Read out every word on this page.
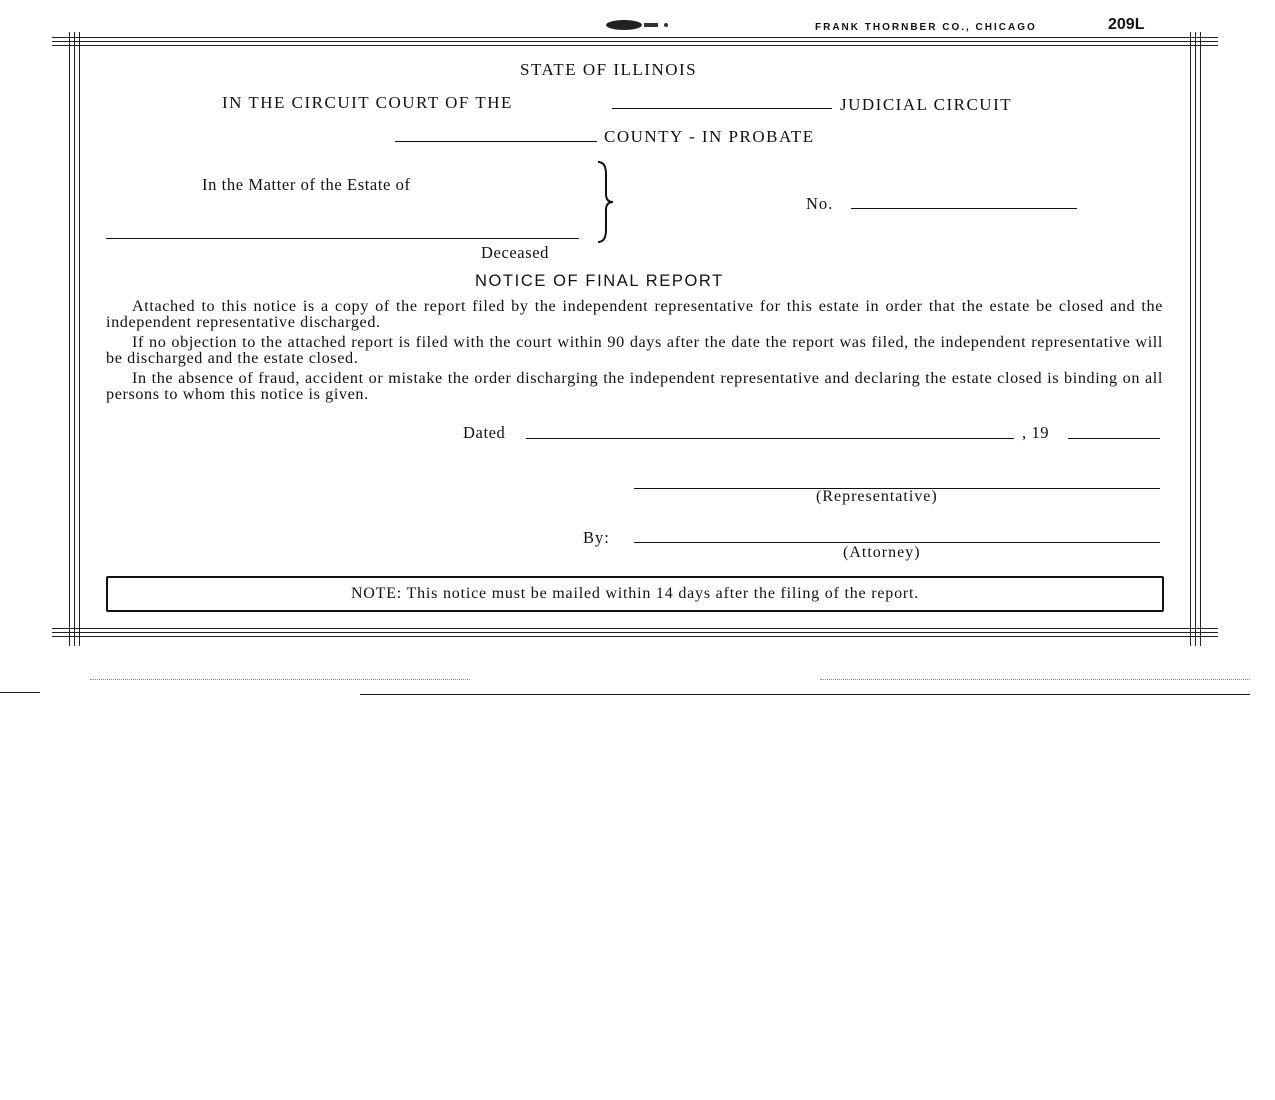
FRANK THORNBER CO., CHICAGO	209L
STATE OF ILLINOIS
IN THE CIRCUIT COURT OF THE	JUDICIAL CIRCUIT
COUNTY - IN PROBATE
In the Matter of the Estate of
Deceased
No.
NOTICE OF FINAL REPORT
Attached to this notice is a copy of the report filed by the independent representative for this estate in order that the estate be closed and the independent representative discharged.
If no objection to the attached report is filed with the court within 90 days after the date the report was filed, the independent representative will be discharged and the estate closed.
In the absence of fraud, accident or mistake the order discharging the independent representative and declaring the estate closed is binding on all persons to whom this notice is given.
Dated	, 19
(Representative)
By:
(Attorney)
NOTE: This notice must be mailed within 14 days after the filing of the report.
